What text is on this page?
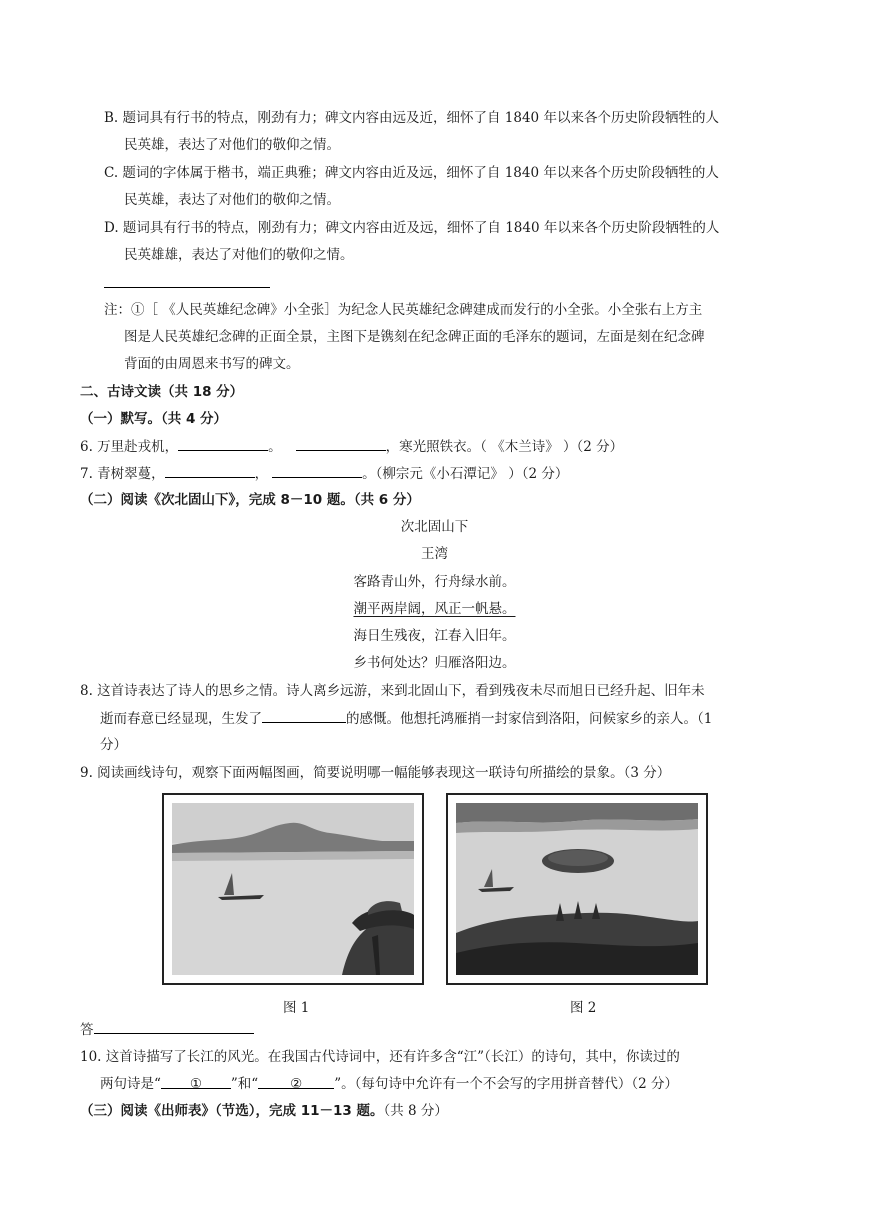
B. 题词具有行书的特点，刚劲有力；碑文内容由远及近，细怀了自 1840 年以来各个历史阶段牺牲的人
民英雄，表达了对他们的敬仰之情。
C. 题词的字体属于楷书，端正典雅；碑文内容由近及远，细怀了自 1840 年以来各个历史阶段牺牲的人
民英雄，表达了对他们的敬仰之情。
D. 题词具有行书的特点，刚劲有力；碑文内容由近及远，细怀了自 1840 年以来各个历史阶段牺牲的人
民英雄雄，表达了对他们的敬仰之情。
注：①［ 《人民英雄纪念碑》小全张］为纪念人民英雄纪念碑建成而发行的小全张。小全张右上方主
图是人民英雄纪念碑的正面全景，主图下是镌刻在纪念碑正面的毛泽东的题词，左面是刻在纪念碑
背面的由周恩来书写的碑文。
二、古诗文读（共 18 分）
（一）默写。（共 4 分）
6. 万里赴戎机，	。	，寒光照铁衣。（ 《木兰诗》 ）（2 分）
7. 青树翠蔓，	，	。（柳宗元《小石潭记》 ）（2 分）
（二）阅读《次北固山下》，完成 8－10 题。（共 6 分）
次北固山下
王湾
客路青山外，行舟绿水前。
潮平两岸阔，风正一帆悬。
海日生残夜，江春入旧年。
乡书何处达？归雁洛阳边。
8. 这首诗表达了诗人的思乡之情。诗人离乡远游，来到北固山下，看到残夜未尽而旭日已经升起、旧年未
逝而春意已经显现，生发了	的感慨。他想托鸿雁捎一封家信到洛阳，问候家乡的亲人。（1
分）
9. 阅读画线诗句，观察下面两幅图画，简要说明哪一幅能够表现这一联诗句所描绘的景象。（3 分）
图 1	图 2
答
10. 这首诗描写了长江的风光。在我国古代诗词中，还有许多含“江”（长江）的诗句，其中，你读过的
两句诗是“ ① ”和“ ② ”。（每句诗中允许有一个不会写的字用拼音替代）（2 分）
（三）阅读《出师表》（节选），完成 11－13 题。（共 8 分）
